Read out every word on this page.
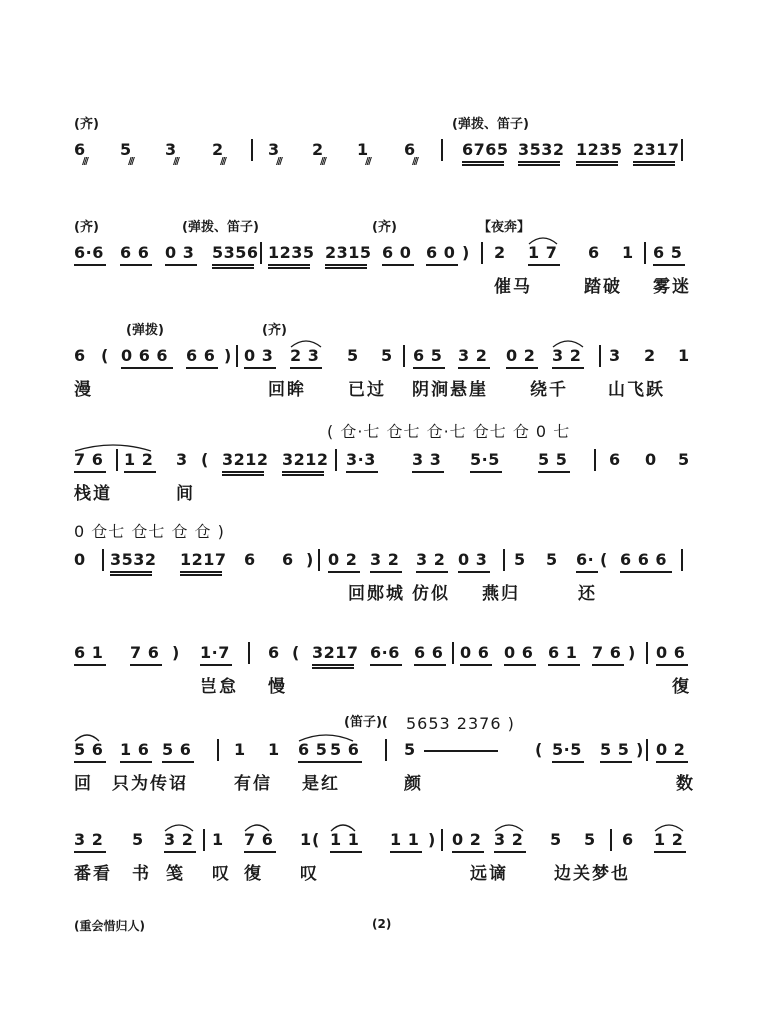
(齐)	(弹拨、笛子)
6 5 3 2	3 2 1 6	6765 3532 1235 2317
(齐)	(弹拨、笛子)	(齐)	【夜奔】
6·6 6 6 0 3 5356 1235 2315 6 0 6 0 ) 2 1 7 6 1 6 5
催马	踏破 雾迷
(弹拨)	(齐)
6 ( 0 6 6 6 6 ) 0 3 2 3 5 5 6 5 3 2 0 2 3 2 3 2 1
漫	回眸 已过 阴涧悬崖 绕千 山飞跃
( 仓·七 仓七 仓·七 仓七 仓 0 七
7 6 1 2 3 ( 3212 3212 3·3 3 3 5·5 5 5	6 0 5
栈道	间
0 仓七 仓七 仓 仓 )
0 3532 1217 6 6 ) 0 2 3 2 3 2 0 3 5 5 6· ( 6 6 6
回郧城 仿似 燕归	还
6 1 7 6 ) 1·7 6 ( 3217 6·6 6 6 0 6 0 6 6 1 7 6 ) 0 6
岂怠 慢	復
(笛子)( 5653 2376 )
5 6 1 6 5 6	1 1 6 5 5 6	5	( 5·5 5 5 ) 0 2
回 只为传诏	有信 是红	颜	数
3 2 5 3 2 1 7 6 1 ( 1 1 1 1 ) 0 2 3 2 5 5 6 1 2
番看 书 笺 叹 復 叹	远谪	边关梦也
///	///	///	///	///	///	///	///
(重会惜归人)	(2)
